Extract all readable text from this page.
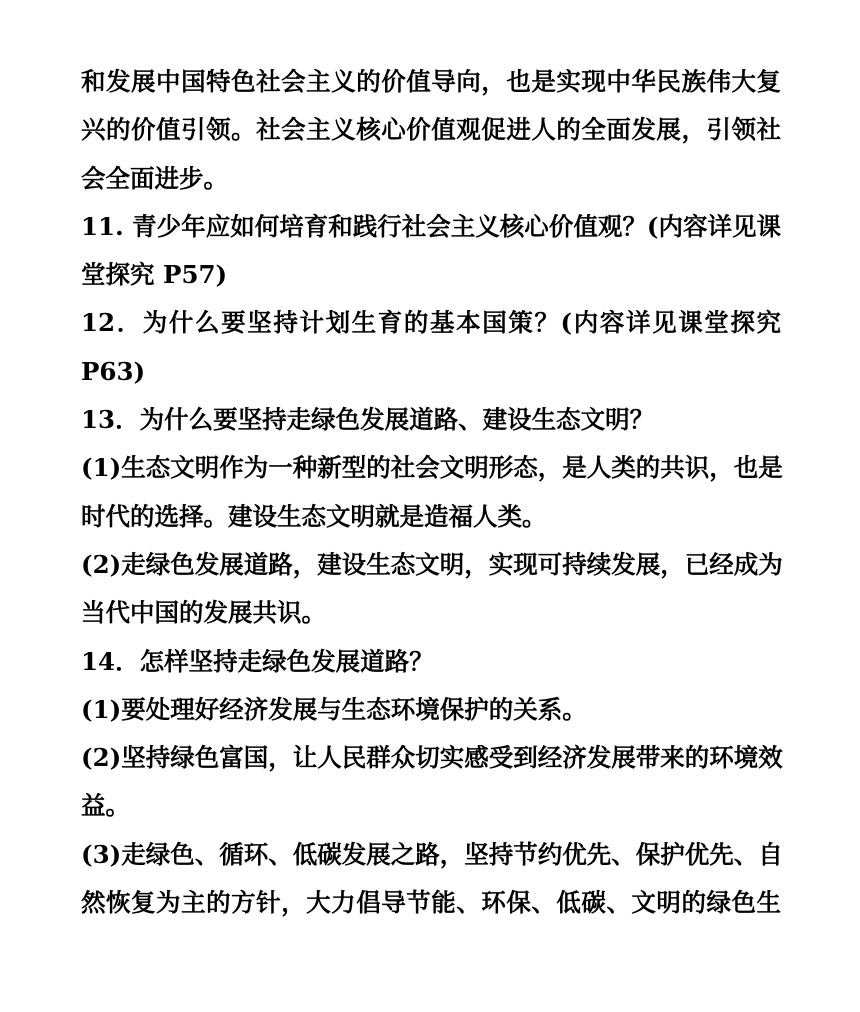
和发展中国特色社会主义的价值导向，也是实现中华民族伟大复
兴的价值引领。社会主义核心价值观促进人的全面发展，引领社
会全面进步。
11. 青少年应如何培育和践行社会主义核心价值观？(内容详见课
堂探究 P57)
12．为什么要坚持计划生育的基本国策？(内容详见课堂探究
P63)
13．为什么要坚持走绿色发展道路、建设生态文明？
(1)生态文明作为一种新型的社会文明形态，是人类的共识，也是
时代的选择。建设生态文明就是造福人类。
(2)走绿色发展道路，建设生态文明，实现可持续发展，已经成为
当代中国的发展共识。
14．怎样坚持走绿色发展道路？
(1)要处理好经济发展与生态环境保护的关系。
(2)坚持绿色富国，让人民群众切实感受到经济发展带来的环境效
益。
(3)走绿色、循环、低碳发展之路，坚持节约优先、保护优先、自
然恢复为主的方针，大力倡导节能、环保、低碳、文明的绿色生
